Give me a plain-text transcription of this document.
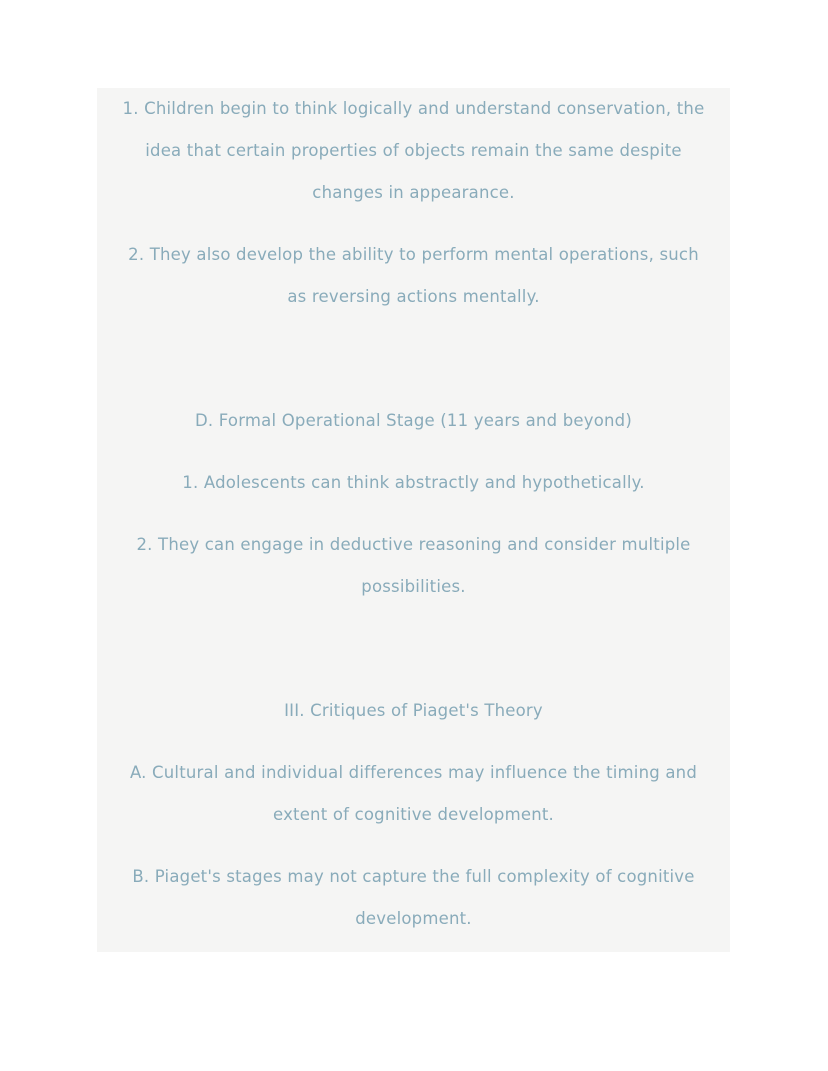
1. Children begin to think logically and understand conservation, the
idea that certain properties of objects remain the same despite
changes in appearance.
2. They also develop the ability to perform mental operations, such
as reversing actions mentally.
D. Formal Operational Stage (11 years and beyond)
1. Adolescents can think abstractly and hypothetically.
2. They can engage in deductive reasoning and consider multiple
possibilities.
III. Critiques of Piaget's Theory
A. Cultural and individual differences may influence the timing and
extent of cognitive development.
B. Piaget's stages may not capture the full complexity of cognitive
development.
